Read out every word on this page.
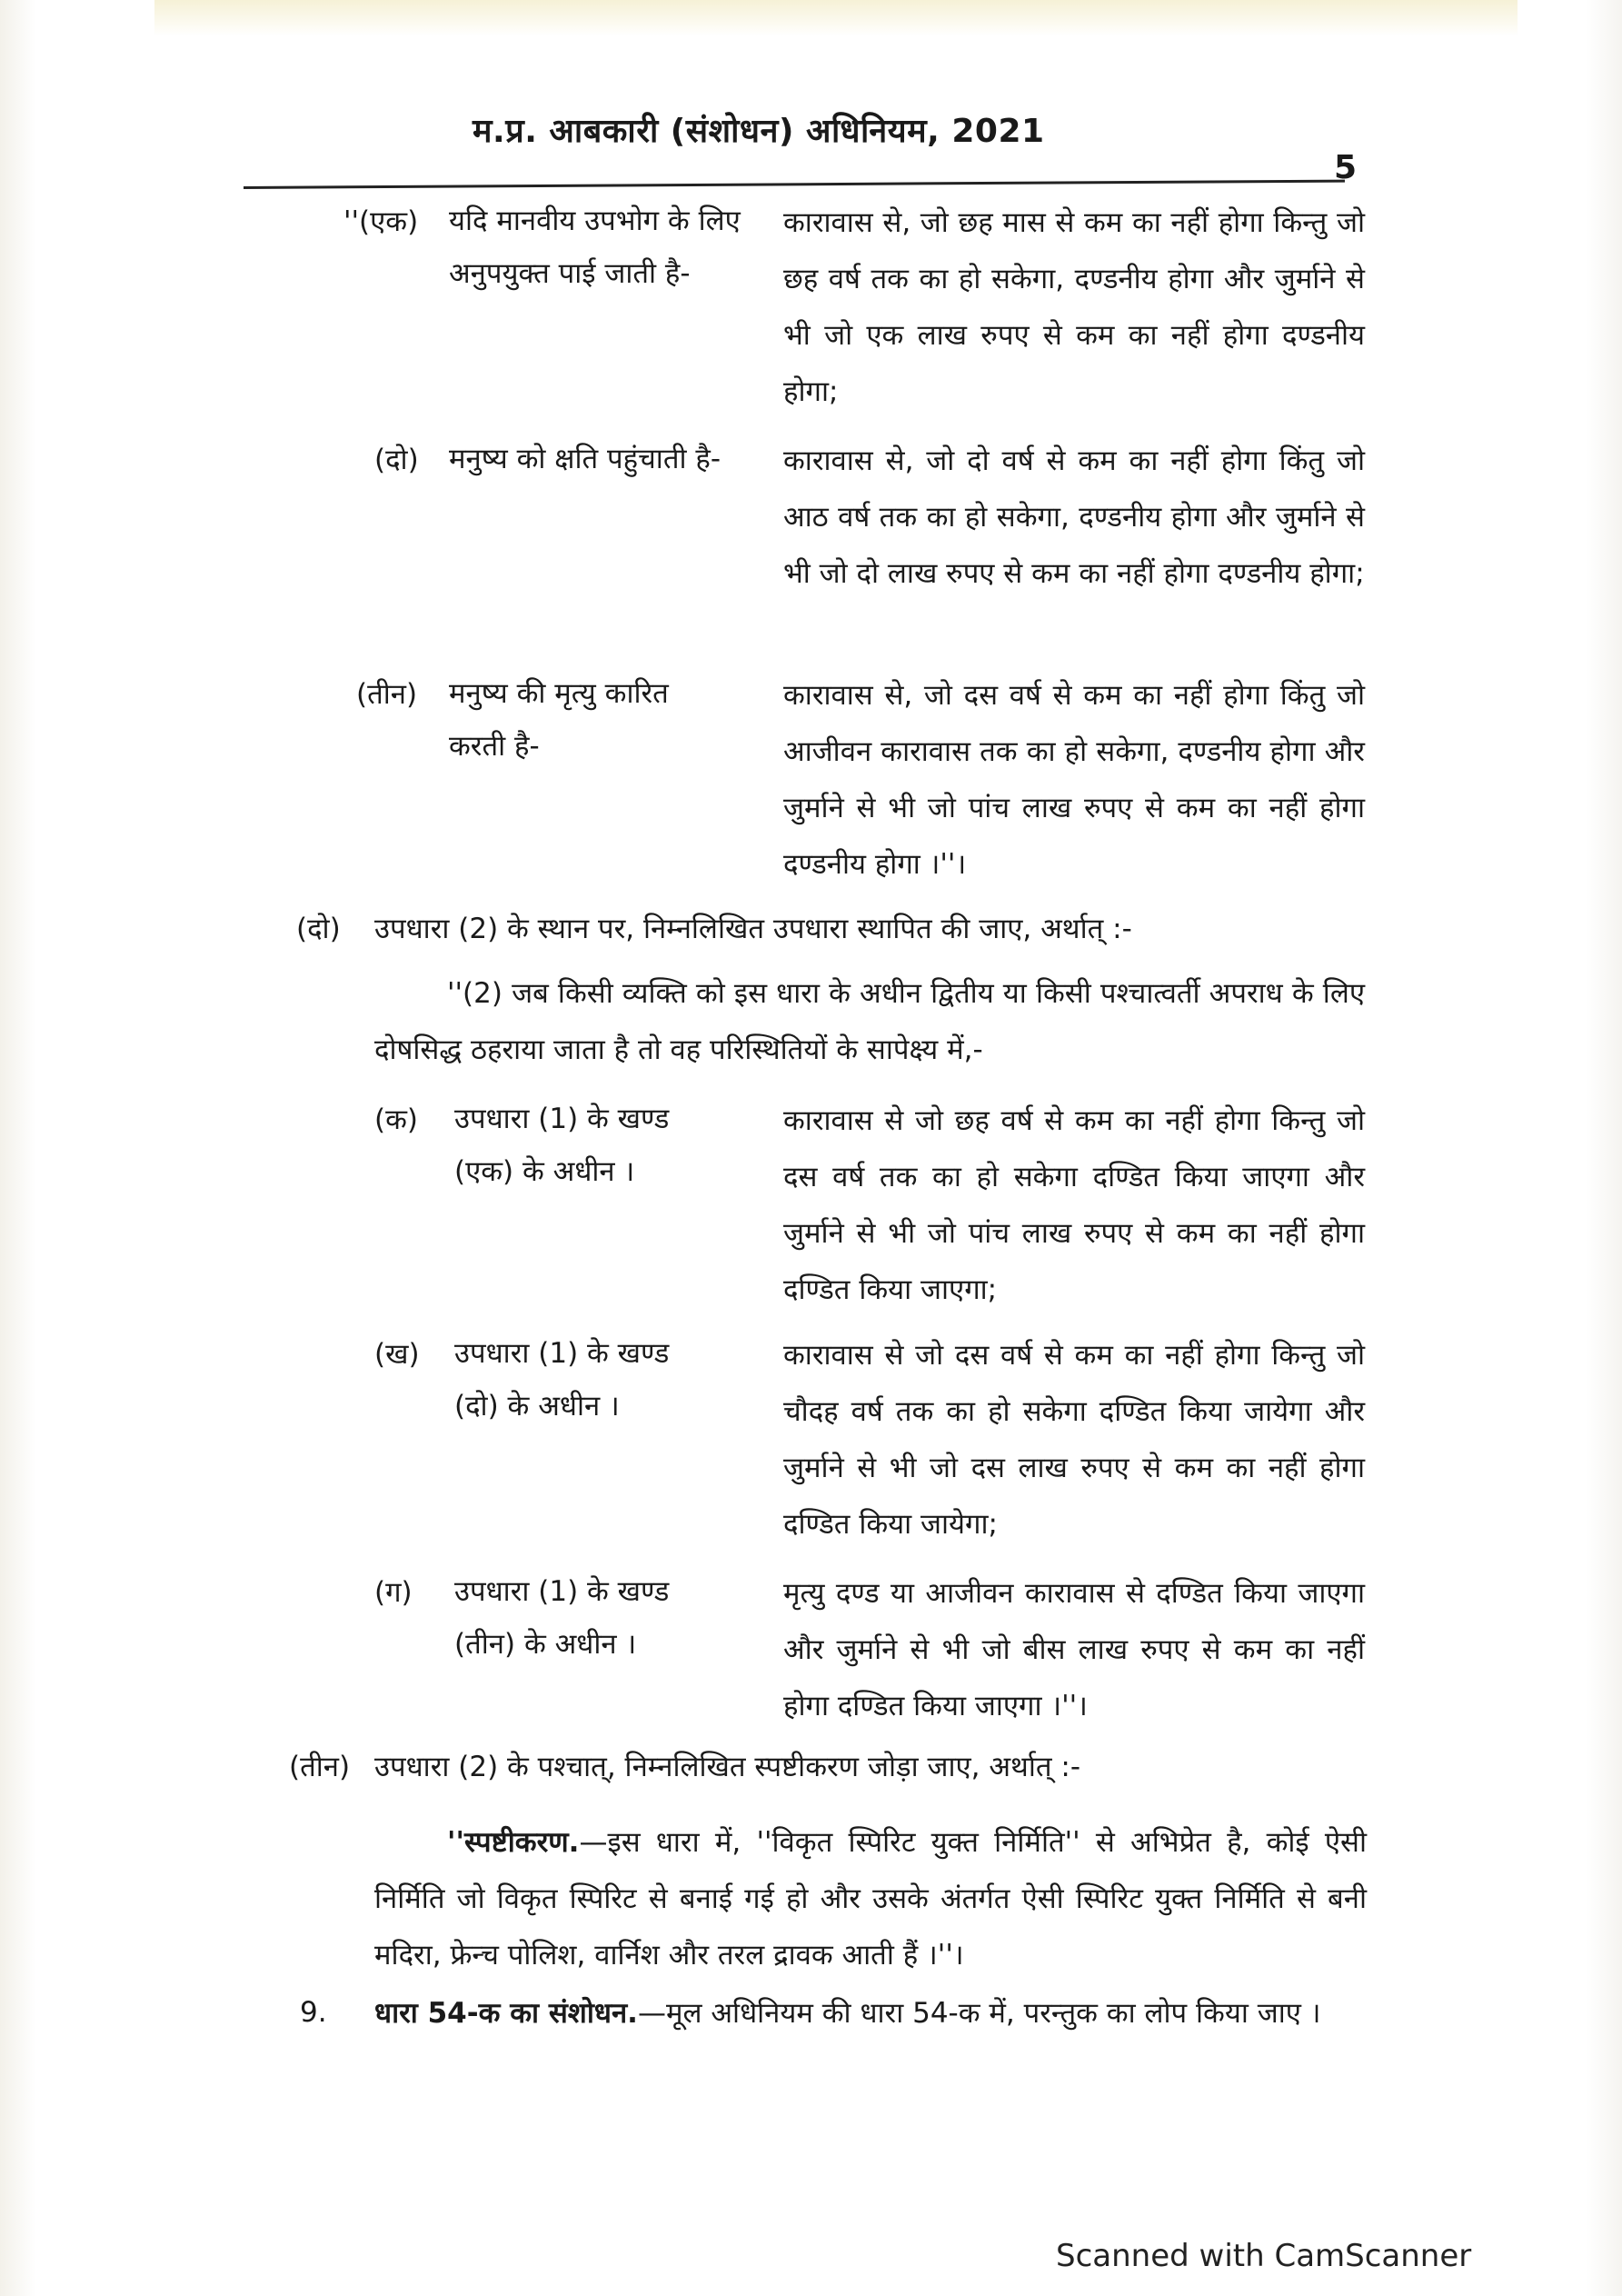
म.प्र. आबकारी (संशोधन) अधिनियम, 2021
5
''(एक) यदि मानवीय उपभोग के लिए अनुपयुक्त पाई जाती है-
कारावास से, जो छह मास से कम का नहीं होगा किन्तु जो छह वर्ष तक का हो सकेगा, दण्डनीय होगा और जुर्माने से भी जो एक लाख रुपए से कम का नहीं होगा दण्डनीय होगा;
(दो) मनुष्य को क्षति पहुंचाती है-	कारावास से, जो दो वर्ष से कम का नहीं होगा किंतु जो आठ वर्ष तक का हो सकेगा, दण्डनीय होगा और जुर्माने से भी जो दो लाख रुपए से कम का नहीं होगा दण्डनीय होगा;
(तीन) मनुष्य की मृत्यु कारित करती है-
कारावास से, जो दस वर्ष से कम का नहीं होगा किंतु जो आजीवन कारावास तक का हो सकेगा, दण्डनीय होगा और जुर्माने से भी जो पांच लाख रुपए से कम का नहीं होगा दण्डनीय होगा ।''।
(दो) उपधारा (2) के स्थान पर, निम्नलिखित उपधारा स्थापित की जाए, अर्थात् :-
''(2) जब किसी व्यक्ति को इस धारा के अधीन द्वितीय या किसी पश्चात्वर्ती अपराध के लिए दोषसिद्ध ठहराया जाता है तो वह परिस्थितियों के सापेक्ष्य में,-
(क) उपधारा (1) के खण्ड (एक) के अधीन ।
कारावास से जो छह वर्ष से कम का नहीं होगा किन्तु जो दस वर्ष तक का हो सकेगा दण्डित किया जाएगा और जुर्माने से भी जो पांच लाख रुपए से कम का नहीं होगा दण्डित किया जाएगा;
(ख) उपधारा (1) के खण्ड (दो) के अधीन ।
कारावास से जो दस वर्ष से कम का नहीं होगा किन्तु जो चौदह वर्ष तक का हो सकेगा दण्डित किया जायेगा और जुर्माने से भी जो दस लाख रुपए से कम का नहीं होगा दण्डित किया जायेगा;
(ग) उपधारा (1) के खण्ड (तीन) के अधीन ।
मृत्यु दण्ड या आजीवन कारावास से दण्डित किया जाएगा और जुर्माने से भी जो बीस लाख रुपए से कम का नहीं होगा दण्डित किया जाएगा ।''।
(तीन) उपधारा (2) के पश्चात्, निम्नलिखित स्पष्टीकरण जोड़ा जाए, अर्थात् :-
''स्पष्टीकरण.—इस धारा में, ''विकृत स्पिरिट युक्त निर्मिति'' से अभिप्रेत है, कोई ऐसी निर्मिति जो विकृत स्पिरिट से बनाई गई हो और उसके अंतर्गत ऐसी स्पिरिट युक्त निर्मिति से बनी मदिरा, फ्रेन्च पोलिश, वार्निश और तरल द्रावक आती हैं ।''।
9.	धारा 54-क का संशोधन.—मूल अधिनियम की धारा 54-क में, परन्तुक का लोप किया जाए ।
Scanned with CamScanner
